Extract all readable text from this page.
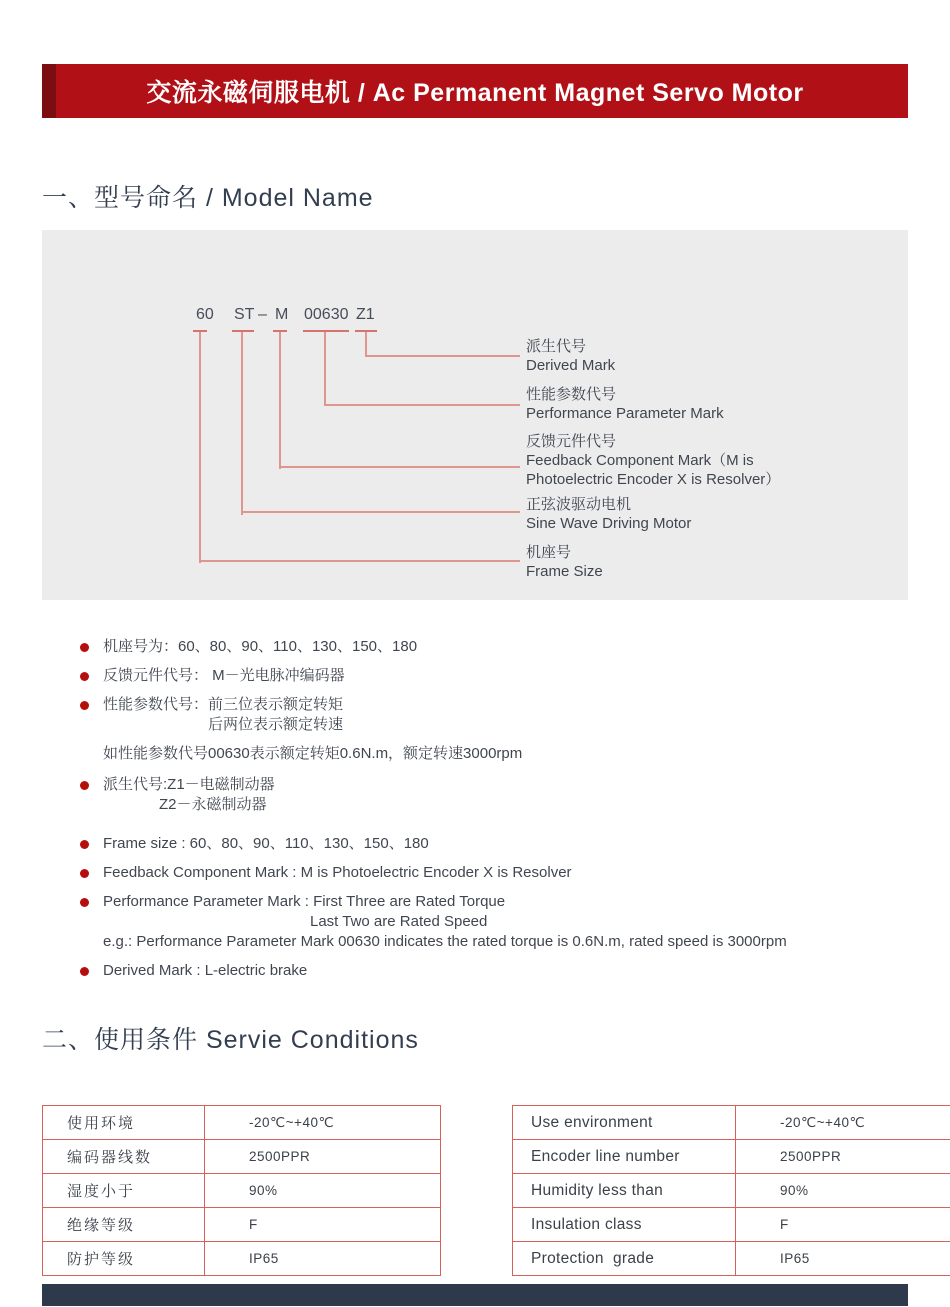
交流永磁伺服电机 / Ac Permanent Magnet Servo Motor
一、型号命名 / Model Name
60 ST – M 00630 Z1
派生代号
Derived Mark
性能参数代号
Performance Parameter Mark
反馈元件代号
Feedback Component Mark（M is
Photoelectric Encoder X is Resolver）
正弦波驱动电机
Sine Wave Driving Motor
机座号
Frame Size
机座号为：60、80、90、110、130、150、180
反馈元件代号： M－光电脉冲编码器
性能参数代号：前三位表示额定转矩
后两位表示额定转速
如性能参数代号00630表示额定转矩0.6N.m，额定转速3000rpm
派生代号:Z1－电磁制动器
Z2－永磁制动器
Frame size : 60、80、90、110、130、150、180
Feedback Component Mark : M is Photoelectric Encoder X is Resolver
Performance Parameter Mark : First Three are Rated Torque
Last Two are Rated Speed
e.g.: Performance Parameter Mark 00630 indicates the rated torque is 0.6N.m, rated speed is 3000rpm
Derived Mark : L-electric brake
二、使用条件 Servie Conditions
使用环境	-20℃~+40℃
编码器线数	2500PPR
湿度小于	90%
绝缘等级	F
防护等级	IP65
Use environment	-20℃~+40℃
Encoder line number	2500PPR
Humidity less than	90%
Insulation class	F
Protection  grade	IP65
